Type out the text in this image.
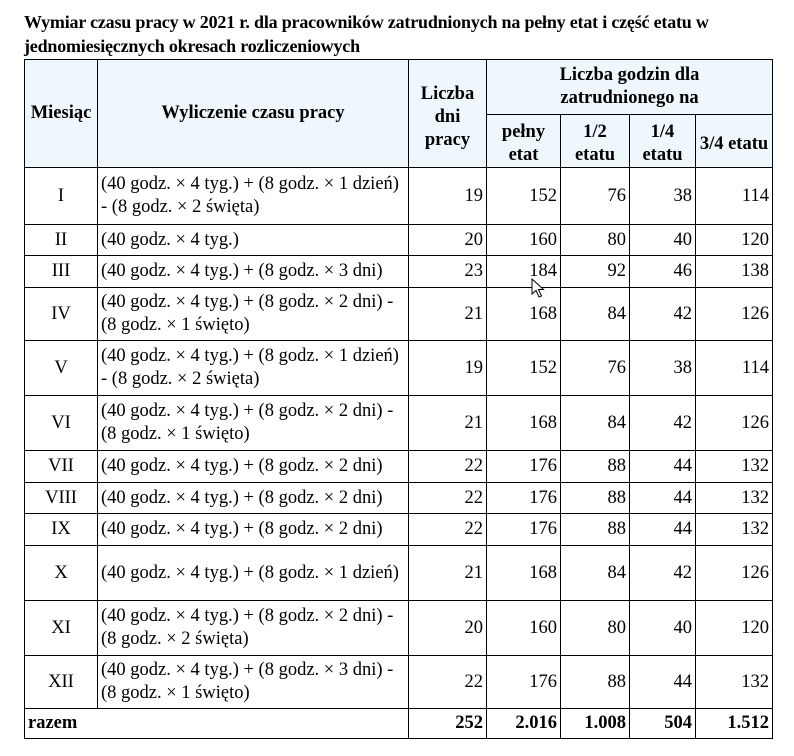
Wymiar czasu pracy w 2021 r. dla pracowników zatrudnionych na pełny etat i część etatu w jednomiesięcznych okresach rozliczeniowych
Miesiąc	Wyliczenie czasu pracy	Liczba dni pracy	Liczba godzin dla zatrudnionego na			
			pełny etat	1/2 etatu	1/4 etatu	3/4 etatu
I	(40 godz. × 4 tyg.) + (8 godz. × 1 dzień) - (8 godz. × 2 święta)	19	152	76	38	114
II	(40 godz. × 4 tyg.)	20	160	80	40	120
III	(40 godz. × 4 tyg.) + (8 godz. × 3 dni)	23	184	92	46	138
IV	(40 godz. × 4 tyg.) + (8 godz. × 2 dni) - (8 godz. × 1 święto)	21	168	84	42	126
V	(40 godz. × 4 tyg.) + (8 godz. × 1 dzień) - (8 godz. × 2 święta)	19	152	76	38	114
VI	(40 godz. × 4 tyg.) + (8 godz. × 2 dni) - (8 godz. × 1 święto)	21	168	84	42	126
VII	(40 godz. × 4 tyg.) + (8 godz. × 2 dni)	22	176	88	44	132
VIII	(40 godz. × 4 tyg.) + (8 godz. × 2 dni)	22	176	88	44	132
IX	(40 godz. × 4 tyg.) + (8 godz. × 2 dni)	22	176	88	44	132
X	(40 godz. × 4 tyg.) + (8 godz. × 1 dzień)	21	168	84	42	126
XI	(40 godz. × 4 tyg.) + (8 godz. × 2 dni) - (8 godz. × 2 święta)	20	160	80	40	120
XII	(40 godz. × 4 tyg.) + (8 godz. × 3 dni) - (8 godz. × 1 święto)	22	176	88	44	132
razem		252	2.016	1.008	504	1.512
